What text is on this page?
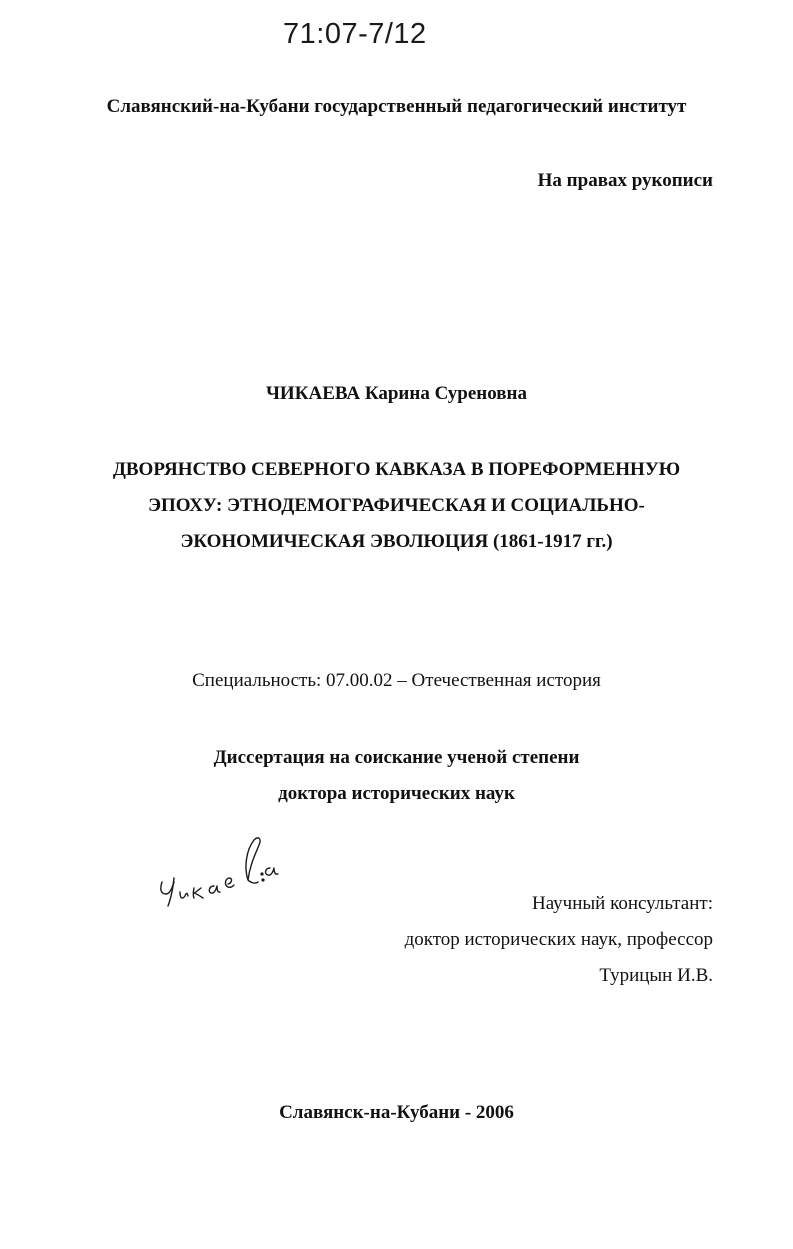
71:07-7/12
Славянский-на-Кубани государственный педагогический институт
На правах рукописи
ЧИКАЕВА Карина Суреновна
ДВОРЯНСТВО СЕВЕРНОГО КАВКАЗА В ПОРЕФОРМЕННУЮ
ЭПОХУ: ЭТНОДЕМОГРАФИЧЕСКАЯ И СОЦИАЛЬНО-
ЭКОНОМИЧЕСКАЯ ЭВОЛЮЦИЯ (1861-1917 гг.)
Специальность: 07.00.02 – Отечественная история
Диссертация на соискание ученой степени
доктора исторических наук
Научный консультант:
доктор исторических наук, профессор
Турицын И.В.
Славянск-на-Кубани - 2006
